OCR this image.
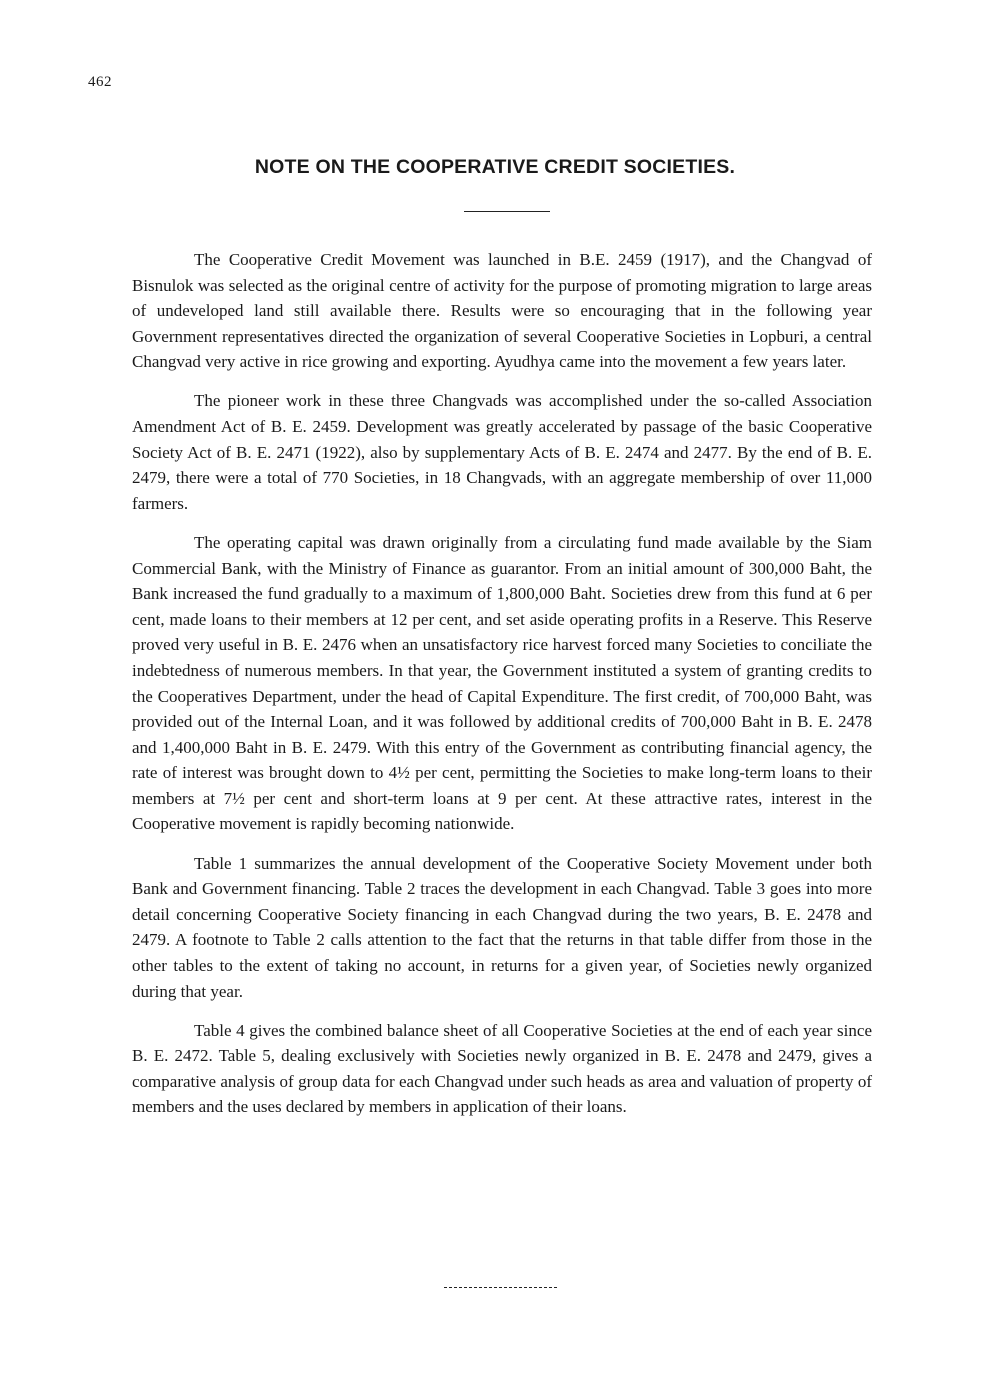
462
NOTE ON THE COOPERATIVE CREDIT SOCIETIES.

The Cooperative Credit Movement was launched in B.E. 2459 (1917), and the Changvad of Bisnulok was selected as the original centre of activity for the purpose of promoting migration to large areas of undeveloped land still available there. Results were so encouraging that in the following year Government representatives directed the organization of several Cooperative Societies in Lopburi, a central Changvad very active in rice growing and exporting. Ayudhya came into the movement a few years later.

The pioneer work in these three Changvads was accomplished under the so-called Association Amendment Act of B. E. 2459. Development was greatly accelerated by passage of the basic Cooperative Society Act of B. E. 2471 (1922), also by supplementary Acts of B. E. 2474 and 2477. By the end of B. E. 2479, there were a total of 770 Societies, in 18 Changvads, with an aggregate membership of over 11,000 farmers.

The operating capital was drawn originally from a circulating fund made available by the Siam Commercial Bank, with the Ministry of Finance as guarantor. From an initial amount of 300,000 Baht, the Bank increased the fund gradually to a maximum of 1,800,000 Baht. Societies drew from this fund at 6 per cent, made loans to their members at 12 per cent, and set aside operating profits in a Reserve. This Reserve proved very useful in B. E. 2476 when an unsatisfactory rice harvest forced many Societies to conciliate the indebtedness of numerous members. In that year, the Government instituted a system of granting credits to the Cooperatives Department, under the head of Capital Expenditure. The first credit, of 700,000 Baht, was provided out of the Internal Loan, and it was followed by additional credits of 700,000 Baht in B. E. 2478 and 1,400,000 Baht in B. E. 2479. With this entry of the Government as contributing financial agency, the rate of interest was brought down to 4½ per cent, permitting the Societies to make long-term loans to their members at 7½ per cent and short-term loans at 9 per cent. At these attractive rates, interest in the Cooperative movement is rapidly becoming nationwide.

Table 1 summarizes the annual development of the Cooperative Society Movement under both Bank and Government financing. Table 2 traces the development in each Changvad. Table 3 goes into more detail concerning Cooperative Society financing in each Changvad during the two years, B. E. 2478 and 2479. A footnote to Table 2 calls attention to the fact that the returns in that table differ from those in the other tables to the extent of taking no account, in returns for a given year, of Societies newly organized during that year.

Table 4 gives the combined balance sheet of all Cooperative Societies at the end of each year since B. E. 2472. Table 5, dealing exclusively with Societies newly organized in B. E. 2478 and 2479, gives a comparative analysis of group data for each Changvad under such heads as area and valuation of property of members and the uses declared by members in application of their loans.
